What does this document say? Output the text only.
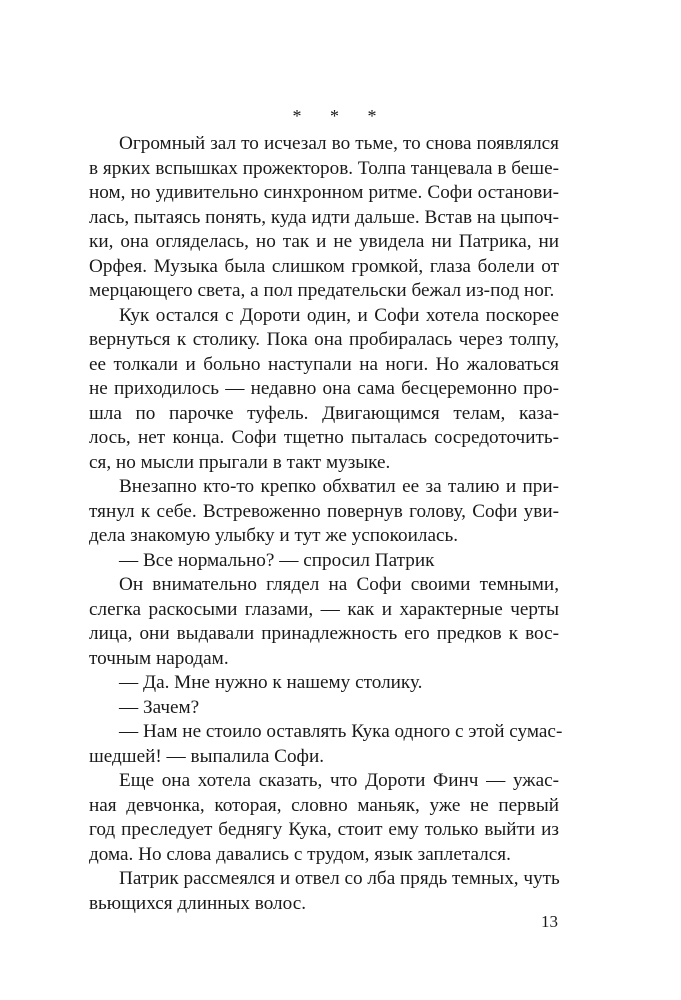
* * *
Огромный зал то исчезал во тьме, то снова появлялся
в ярких вспышках прожекторов. Толпа танцевала в беше-
ном, но удивительно синхронном ритме. Софи останови-
лась, пытаясь понять, куда идти дальше. Встав на цыпоч-
ки, она огляделась, но так и не увидела ни Патрика, ни
Орфея. Музыка была слишком громкой, глаза болели от
мерцающего света, а пол предательски бежал из-под ног.
Кук остался с Дороти один, и Софи хотела поскорее
вернуться к столику. Пока она пробиралась через толпу,
ее толкали и больно наступали на ноги. Но жаловаться
не приходилось — недавно она сама бесцеремонно про-
шла по парочке туфель. Двигающимся телам, каза-
лось, нет конца. Софи тщетно пыталась сосредоточить-
ся, но мысли прыгали в такт музыке.
Внезапно кто-то крепко обхватил ее за талию и при-
тянул к себе. Встревоженно повернув голову, Софи уви-
дела знакомую улыбку и тут же успокоилась.
— Все нормально? — спросил Патрик
Он внимательно глядел на Софи своими темными,
слегка раскосыми глазами, — как и характерные черты
лица, они выдавали принадлежность его предков к вос-
точным народам.
— Да. Мне нужно к нашему столику.
— Зачем?
— Нам не стоило оставлять Кука одного с этой сумас-
шедшей! — выпалила Софи.
Еще она хотела сказать, что Дороти Финч — ужас-
ная девчонка, которая, словно маньяк, уже не первый
год преследует беднягу Кука, стоит ему только выйти из
дома. Но слова давались с трудом, язык заплетался.
Патрик рассмеялся и отвел со лба прядь темных, чуть
вьющихся длинных волос.
13
